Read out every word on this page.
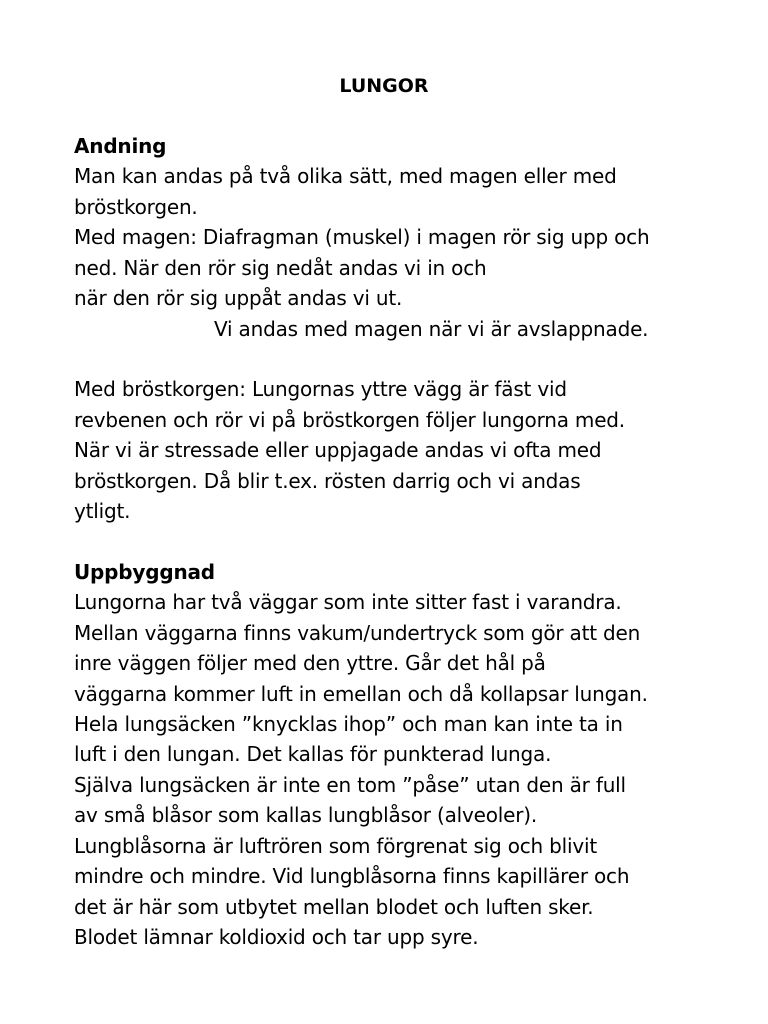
LUNGOR
Andning
Man kan andas på två olika sätt, med magen eller med
bröstkorgen.
Med magen: Diafragman (muskel) i magen rör sig upp och
ned. När den rör sig nedåt andas vi in och
när den rör sig uppåt andas vi ut.
Vi andas med magen när vi är avslappnade.
Med bröstkorgen: Lungornas yttre vägg är fäst vid
revbenen och rör vi på bröstkorgen följer lungorna med.
När vi är stressade eller uppjagade andas vi ofta med
bröstkorgen. Då blir t.ex. rösten darrig och vi andas
ytligt.
Uppbyggnad
Lungorna har två väggar som inte sitter fast i varandra.
Mellan väggarna finns vakum/undertryck som gör att den
inre väggen följer med den yttre. Går det hål på
väggarna kommer luft in emellan och då kollapsar lungan.
Hela lungsäcken ”knycklas ihop” och man kan inte ta in
luft i den lungan. Det kallas för punkterad lunga.
Själva lungsäcken är inte en tom ”påse” utan den är full
av små blåsor som kallas lungblåsor (alveoler).
Lungblåsorna är luftrören som förgrenat sig och blivit
mindre och mindre. Vid lungblåsorna finns kapillärer och
det är här som utbytet mellan blodet och luften sker.
Blodet lämnar koldioxid och tar upp syre.
